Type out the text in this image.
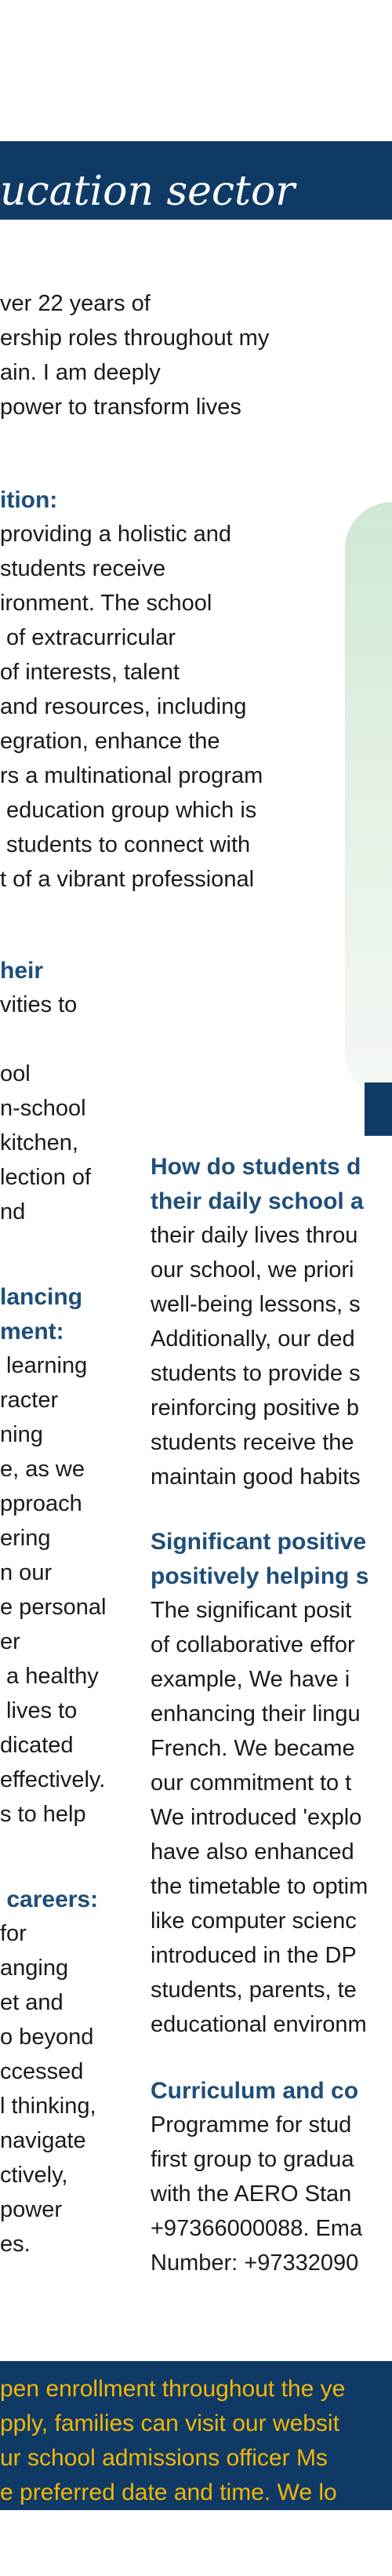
ucation sector
ver 22 years of
ership roles throughout my
ain. I am deeply
power to transform lives
ition:
providing a holistic and
students receive
ironment. The school
of extracurricular
of interests, talent
and resources, including
egration, enhance the
rs a multinational program
education group which is
students to connect with
t of a vibrant professional
heir
vities to
ool
n-school
kitchen,
lection of
nd
lancing
ment:
learning
racter
ning
e, as we
pproach
ering
n our
e personal
er
a healthy
lives to
dicated
effectively.
s to help
careers:
for
anging
et and
o beyond
ccessed
l thinking,
navigate
ctively,
power
es.
How do students d
their daily school a
their daily lives throu
our school, we priori
well-being lessons, s
Additionally, our ded
students to provide s
reinforcing positive b
students receive the
maintain good habits
Significant positive
positively helping s
The significant posit
of collaborative effor
example, We have i
enhancing their lingu
French. We became
our commitment to t
We introduced 'explo
have also enhanced
the timetable to optim
like computer scienc
introduced in the DP
students, parents, te
educational environm
Curriculum and co
Programme for stud
first group to gradua
with the AERO Stan
+97366000088. Ema
Number: +97332090
pen enrollment throughout the ye
pply, families can visit our websit
ur school admissions officer Ms
e preferred date and time. We lo
